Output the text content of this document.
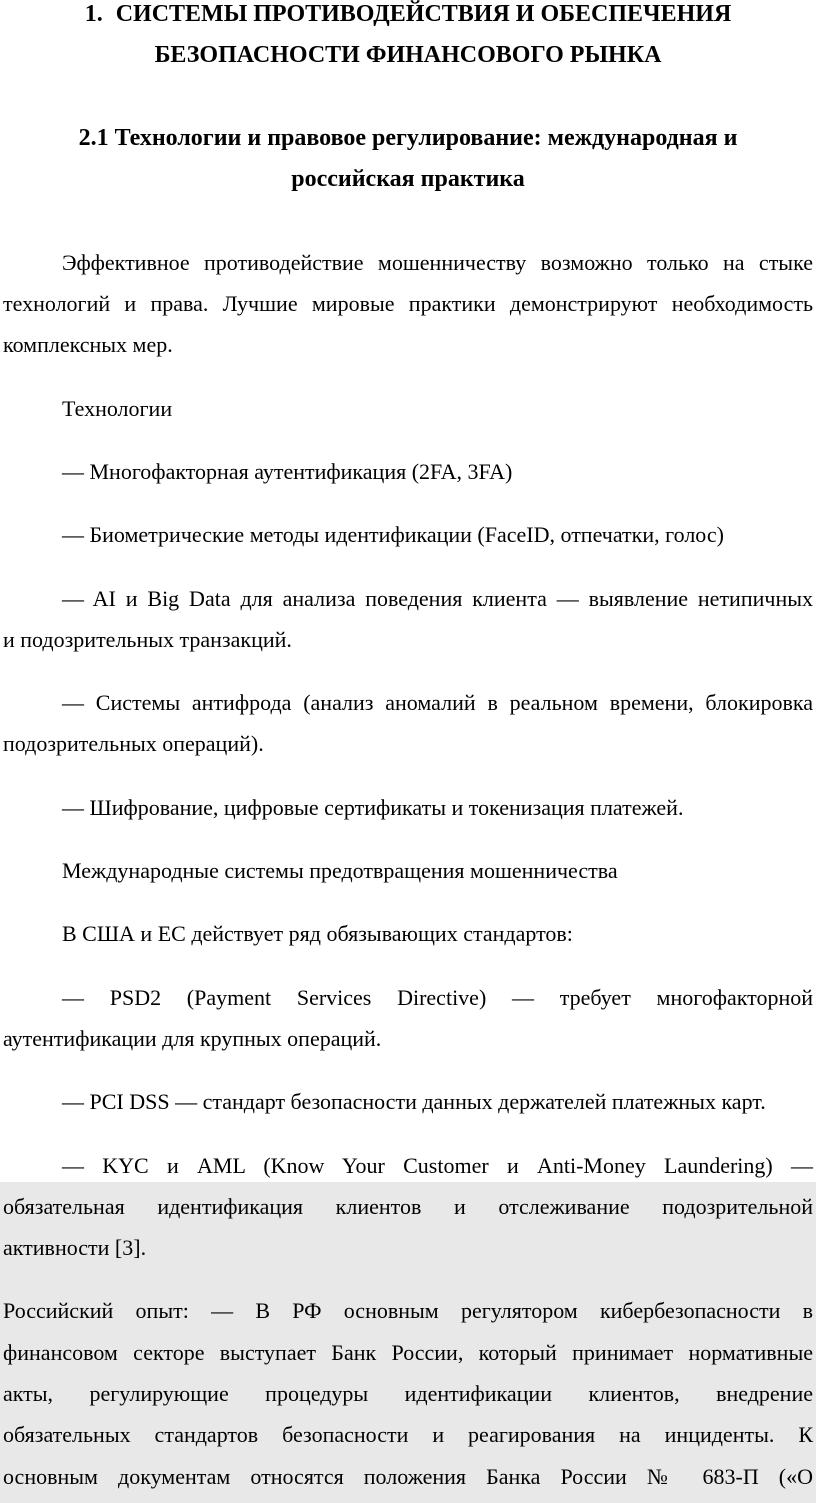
1. СИСТЕМЫ ПРОТИВОДЕЙСТВИЯ И ОБЕСПЕЧЕНИЯ
БЕЗОПАСНОСТИ ФИНАНСОВОГО РЫНКА
2.1 Технологии и правовое регулирование: международная и
российская практика

Эффективное противодействие мошенничеству возможно только на стыке
технологий и права. Лучшие мировые практики демонстрируют необходимость
комплексных мер.

Технологии

— Многофакторная аутентификация (2FA, 3FA)

— Биометрические методы идентификации (FaceID, отпечатки, голос)

— AI и Big Data для анализа поведения клиента — выявление нетипичных
и подозрительных транзакций.

— Системы антифрода (анализ аномалий в реальном времени, блокировка
подозрительных операций).

— Шифрование, цифровые сертификаты и токенизация платежей.

Международные системы предотвращения мошенничества

В США и ЕС действует ряд обязывающих стандартов:

— PSD2 (Payment Services Directive) — требует многофакторной
аутентификации для крупных операций.

— PCI DSS — стандарт безопасности данных держателей платежных карт.

— KYC и AML (Know Your Customer и Anti-Money Laundering) —
обязательная идентификация клиентов и отслеживание подозрительной
активности [3].

Российский опыт: — В РФ основным регулятором кибербезопасности в
финансовом секторе выступает Банк России, который принимает нормативные
акты, регулирующие процедуры идентификации клиентов, внедрение
обязательных стандартов безопасности и реагирования на инциденты. К
основным документам относятся положения Банка России № 683-П («О
